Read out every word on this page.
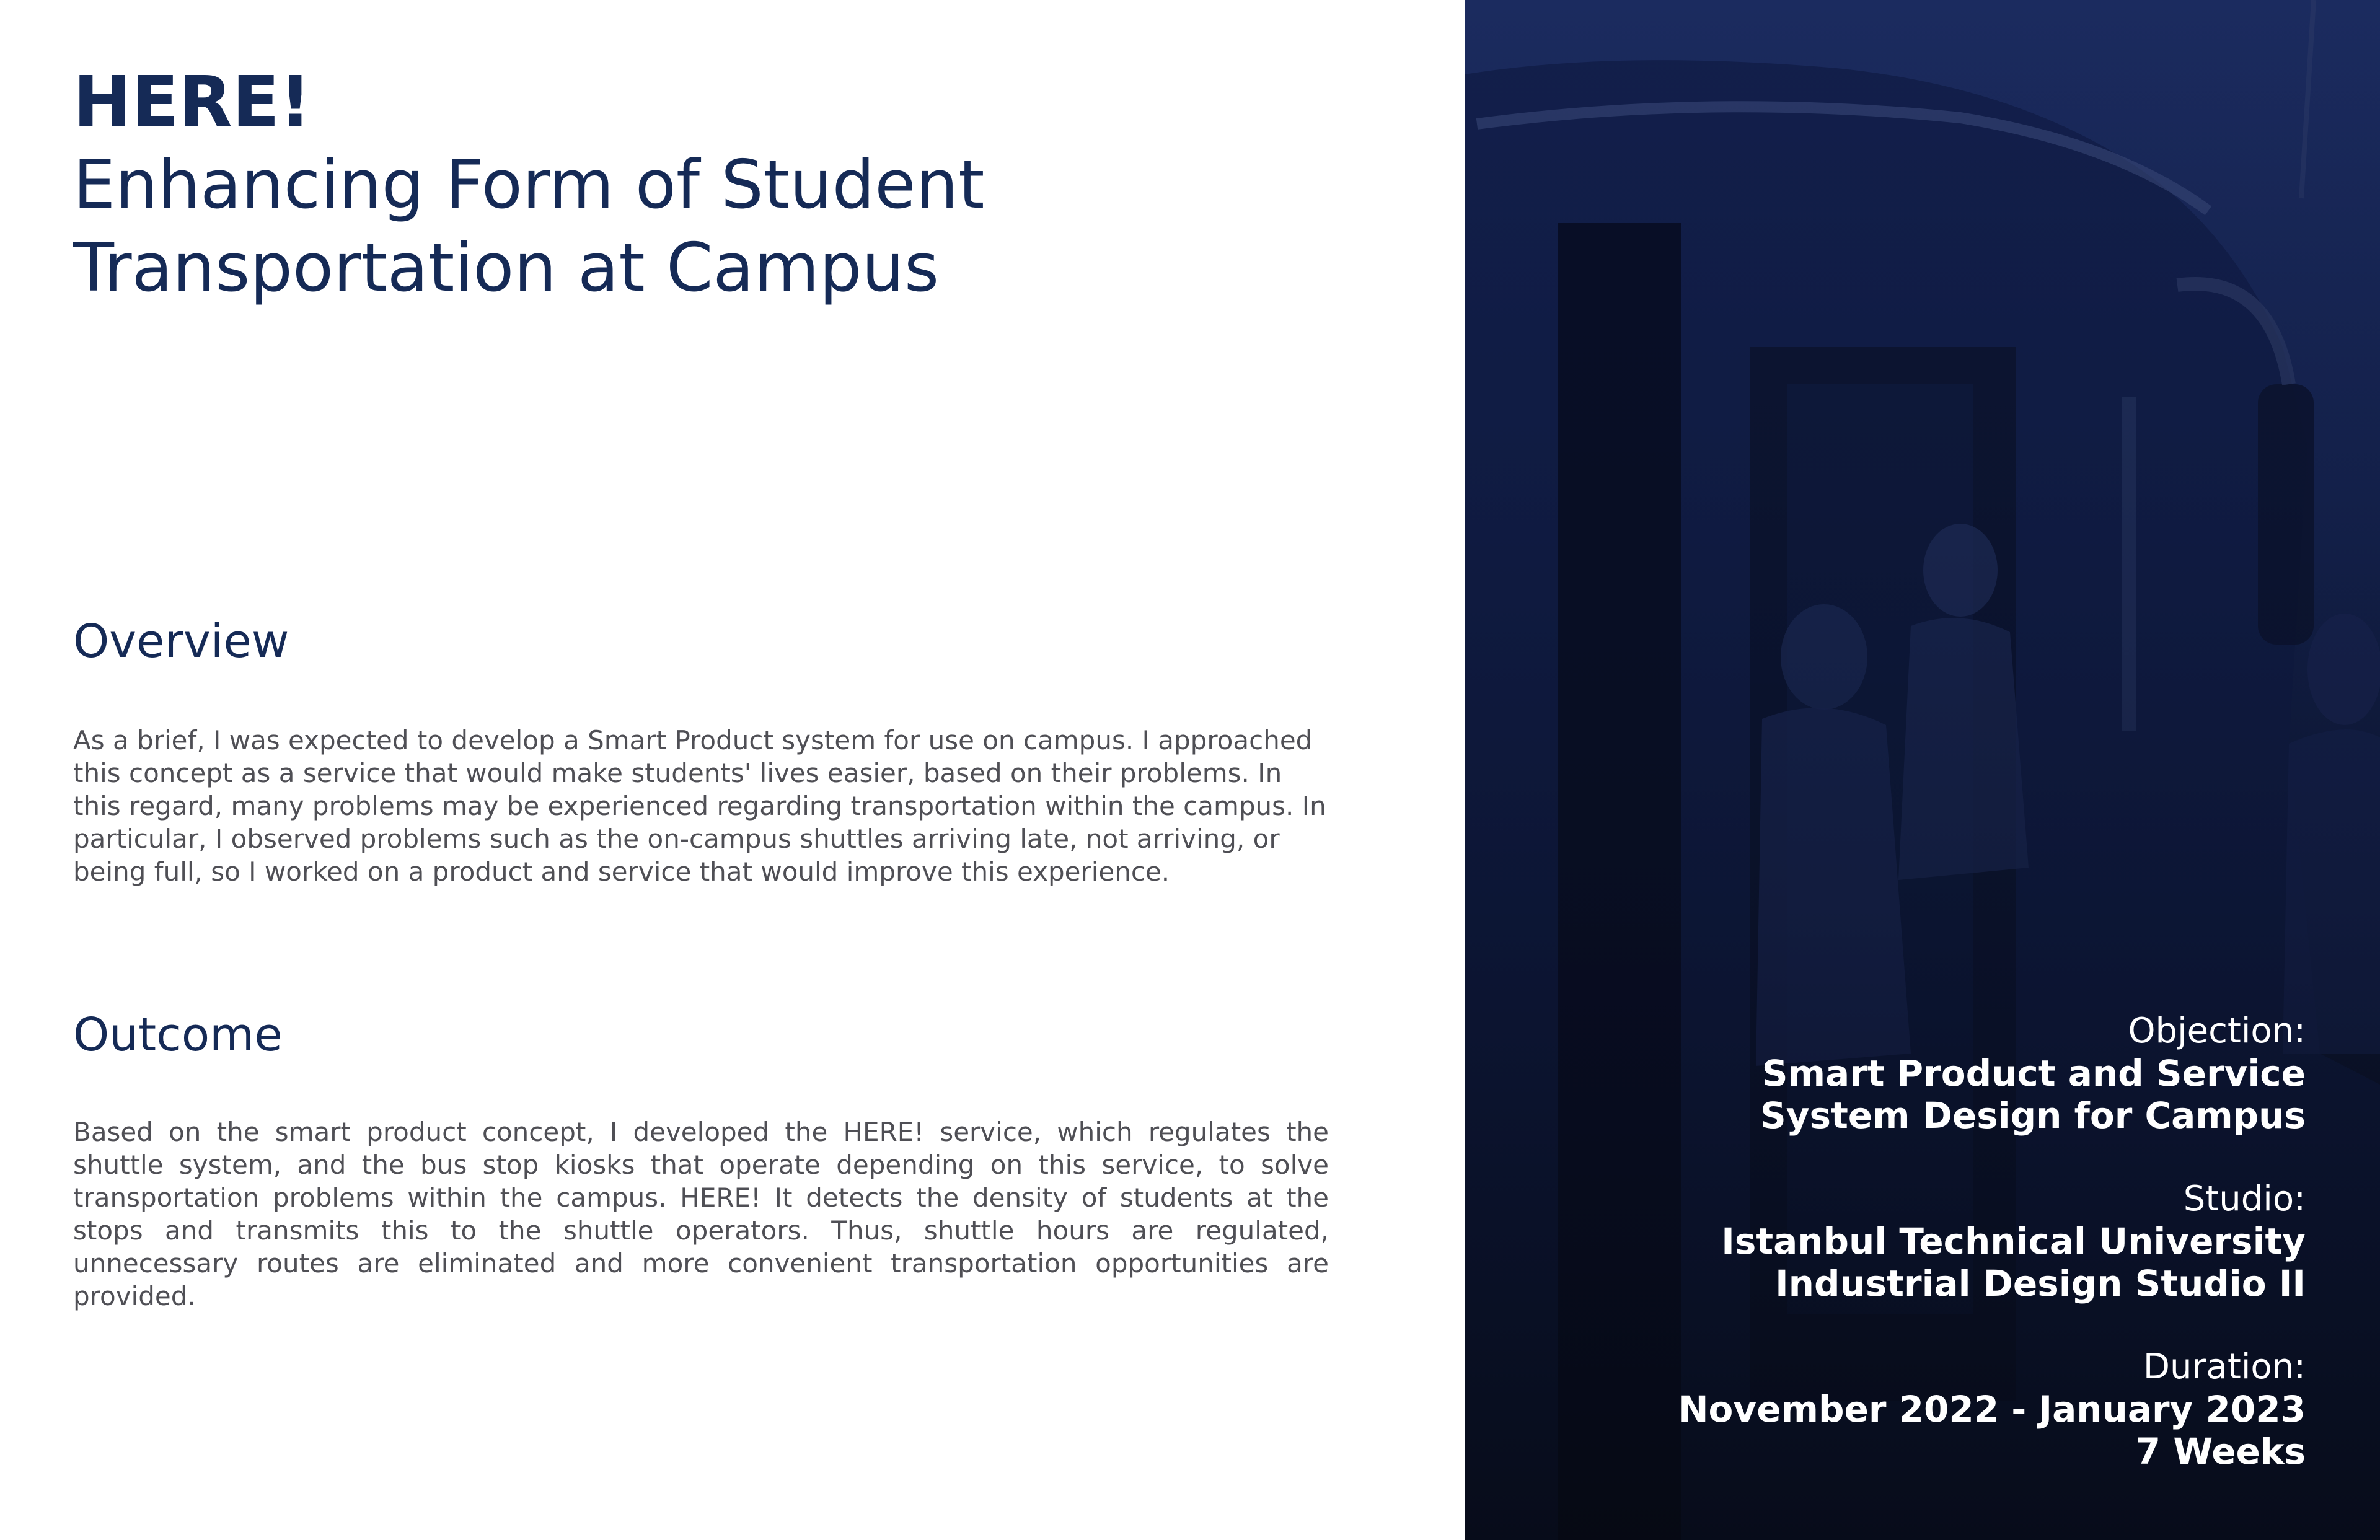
HERE!
Enhancing Form of Student
Transportation at Campus
Overview

As a brief, I was expected to develop a Smart Product system for use on campus. I approached this concept as a service that would make students' lives easier, based on their problems. In this regard, many problems may be experienced regarding transportation within the campus. In particular, I observed problems such as the on-campus shuttles arriving late, not arriving, or being full, so I worked on a product and service that would improve this experience.

Outcome

Based on the smart product concept, I developed the HERE! service, which regulates the shuttle system, and the bus stop kiosks that operate depending on this service, to solve transportation problems within the campus. HERE! It detects the density of students at the stops and transmits this to the shuttle operators. Thus, shuttle hours are regulated, unnecessary routes are eliminated and more convenient transportation opportunities are provided.

Objection:

Smart Product and Service

System Design for Campus

Studio:

Istanbul Technical University

Industrial Design Studio II

Duration:

November 2022 - January 2023

7 Weeks
